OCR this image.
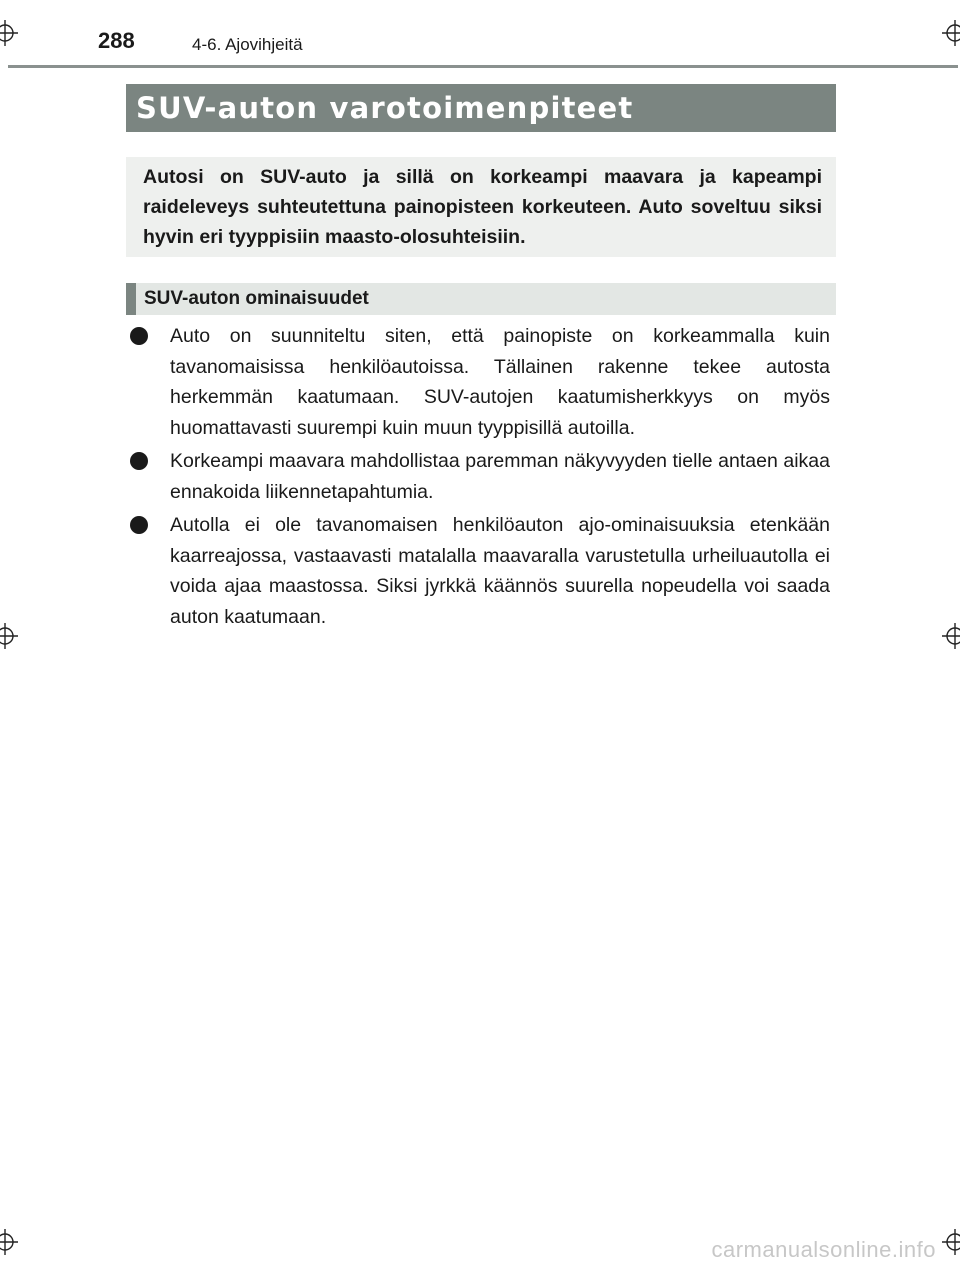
288	4-6. Ajovihjeitä
SUV-auton varotoimenpiteet

Autosi on SUV-auto ja sillä on korkeampi maavara ja kapeampi raideleveys suhteutettuna painopisteen korkeuteen. Auto soveltuu siksi hyvin eri tyyppisiin maasto-olosuhteisiin.

SUV-auton ominaisuudet
Auto on suunniteltu siten, että painopiste on korkeammalla kuin tavanomaisissa henkilöautoissa. Tällainen rakenne tekee autosta herkemmän kaatumaan. SUV-autojen kaatumisherkkyys on myös huomattavasti suurempi kuin muun tyyppisillä autoilla.
Korkeampi maavara mahdollistaa paremman näkyvyyden tielle antaen aikaa ennakoida liikennetapahtumia.
Autolla ei ole tavanomaisen henkilöauton ajo-ominaisuuksia etenkään kaarreajossa, vastaavasti matalalla maavaralla varustetulla urheiluautolla ei voida ajaa maastossa. Siksi jyrkkä käännös suurella nopeudella voi saada auton kaatumaan.
carmanualsonline.info
